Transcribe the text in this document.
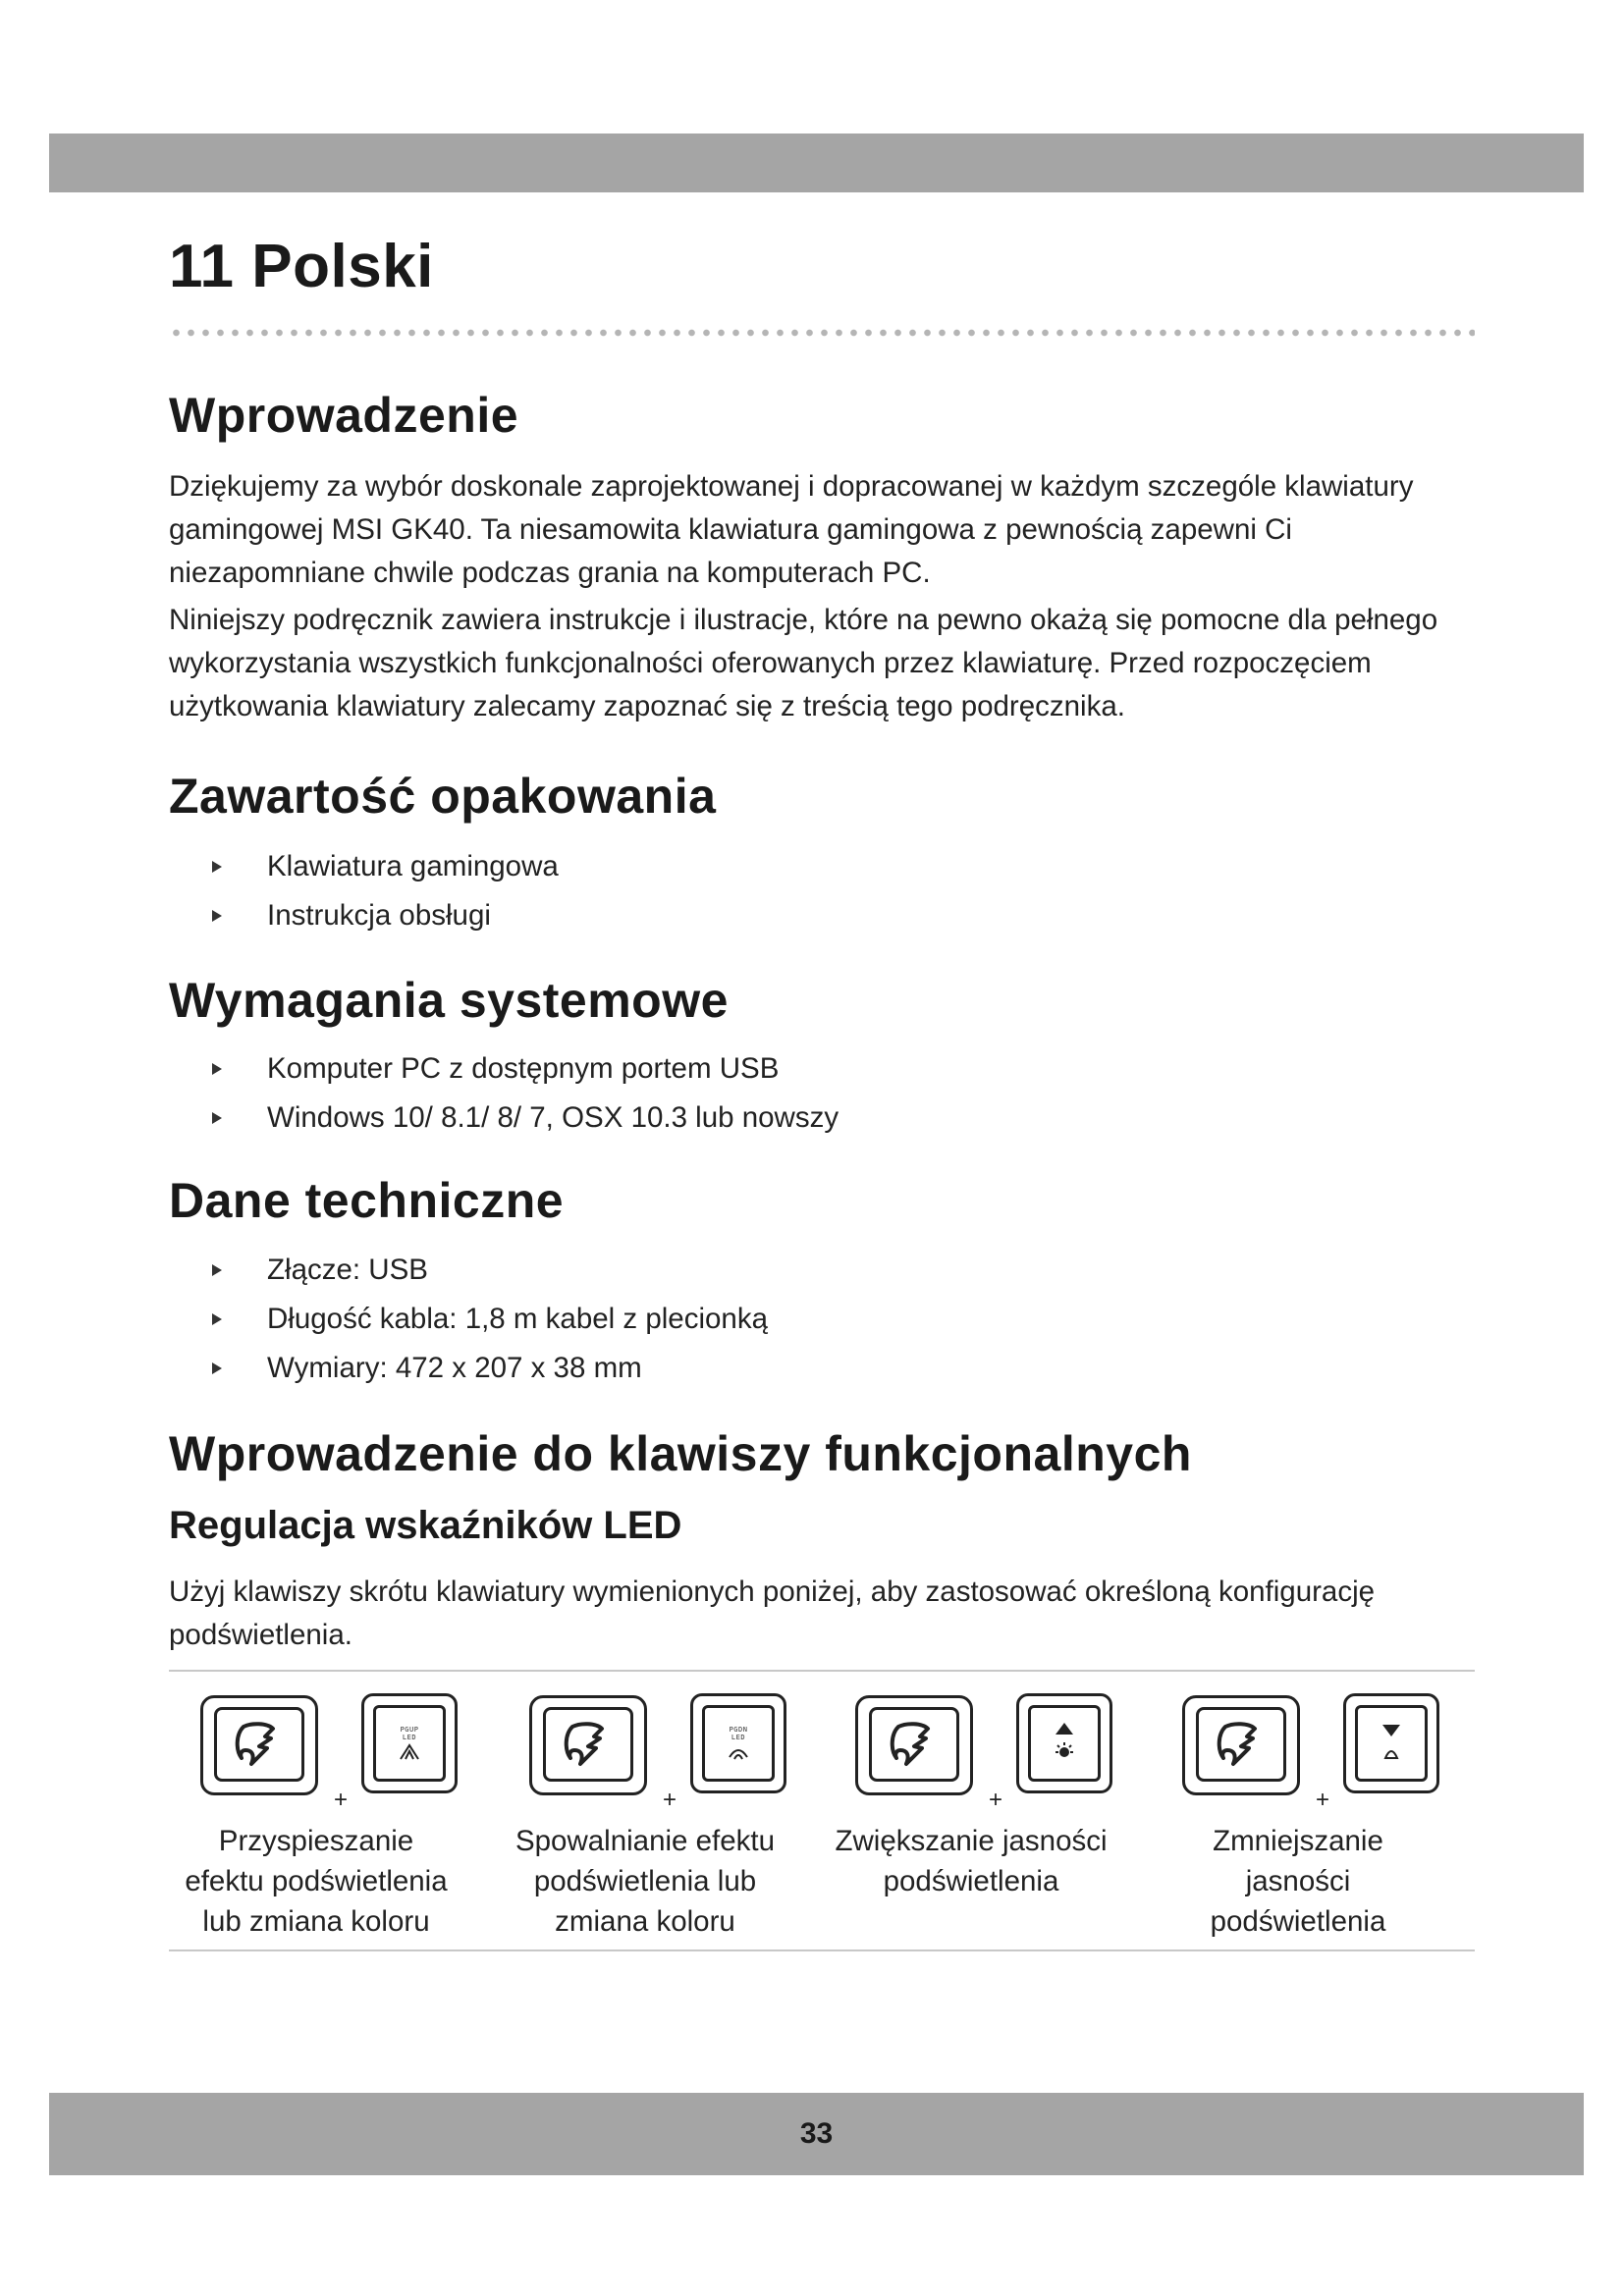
11 Polski
Wprowadzenie

Dziękujemy za wybór doskonale zaprojektowanej i dopracowanej w każdym szczególe klawiatury gamingowej MSI GK40. Ta niesamowita klawiatura gamingowa z pewnością zapewni Ci niezapomniane chwile podczas grania na komputerach PC.

Niniejszy podręcznik zawiera instrukcje i ilustracje, które na pewno okażą się pomocne dla pełnego wykorzystania wszystkich funkcjonalności oferowanych przez klawiaturę. Przed rozpoczęciem użytkowania klawiatury zalecamy zapoznać się z treścią tego podręcznika.

Zawartość opakowania
Klawiatura gamingowa
Instrukcja obsługi
Wymagania systemowe
Komputer PC z dostępnym portem USB
Windows 10/ 8.1/ 8/ 7, OSX 10.3 lub nowszy
Dane techniczne
Złącze: USB
Długość kabla: 1,8 m kabel z plecionką
Wymiary: 472 x 207 x 38 mm
Wprowadzenie do klawiszy funkcjonalnych
Regulacja wskaźników LED

Użyj klawiszy skrótu klawiatury wymienionych poniżej, aby zastosować określoną konfigurację podświetlenia.

+
PGUP
LED
Przyspieszanie
efektu podświetlenia
lub zmiana koloru
+
PGDN
LED
Spowalnianie efektu
podświetlenia lub
zmiana koloru
+
Zwiększanie jasności
podświetlenia
+
Zmniejszanie
jasności
podświetlenia
33
